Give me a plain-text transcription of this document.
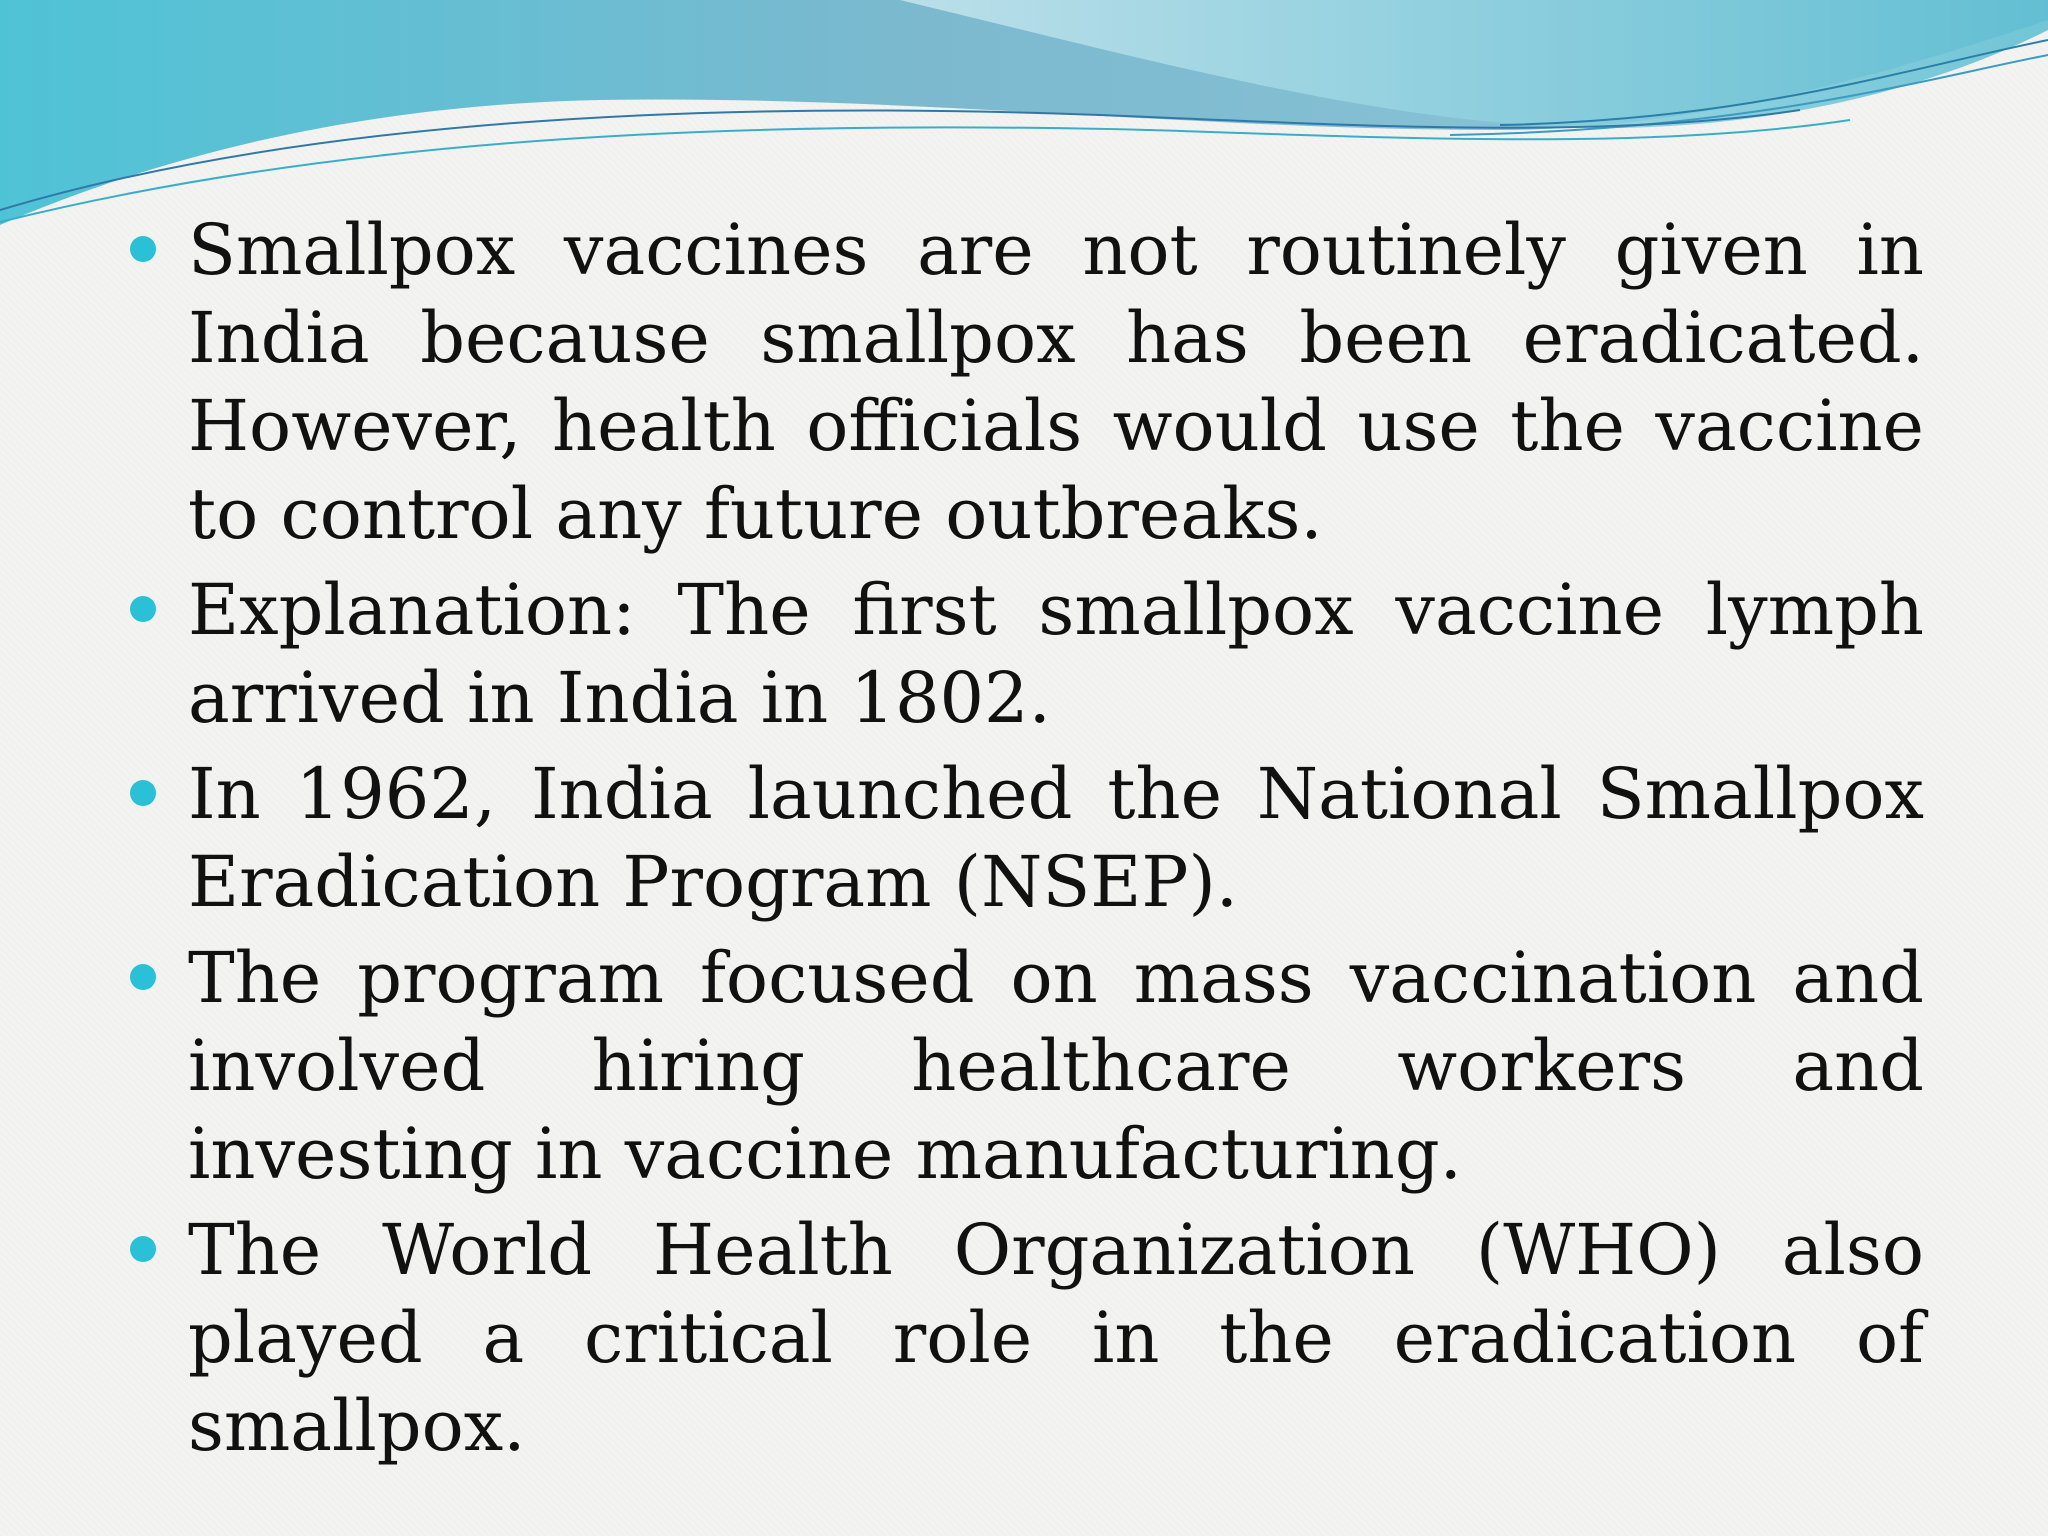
Smallpox vaccines are not routinely given in India because smallpox has been eradicated. However, health officials would use the vaccine to control any future outbreaks.
Explanation: The first smallpox vaccine lymph arrived in India in 1802.
In 1962, India launched the National Smallpox Eradication Program (NSEP).
The program focused on mass vaccination and involved hiring healthcare workers and investing in vaccine manufacturing.
The World Health Organization (WHO) also played a critical role in the eradication of smallpox.
